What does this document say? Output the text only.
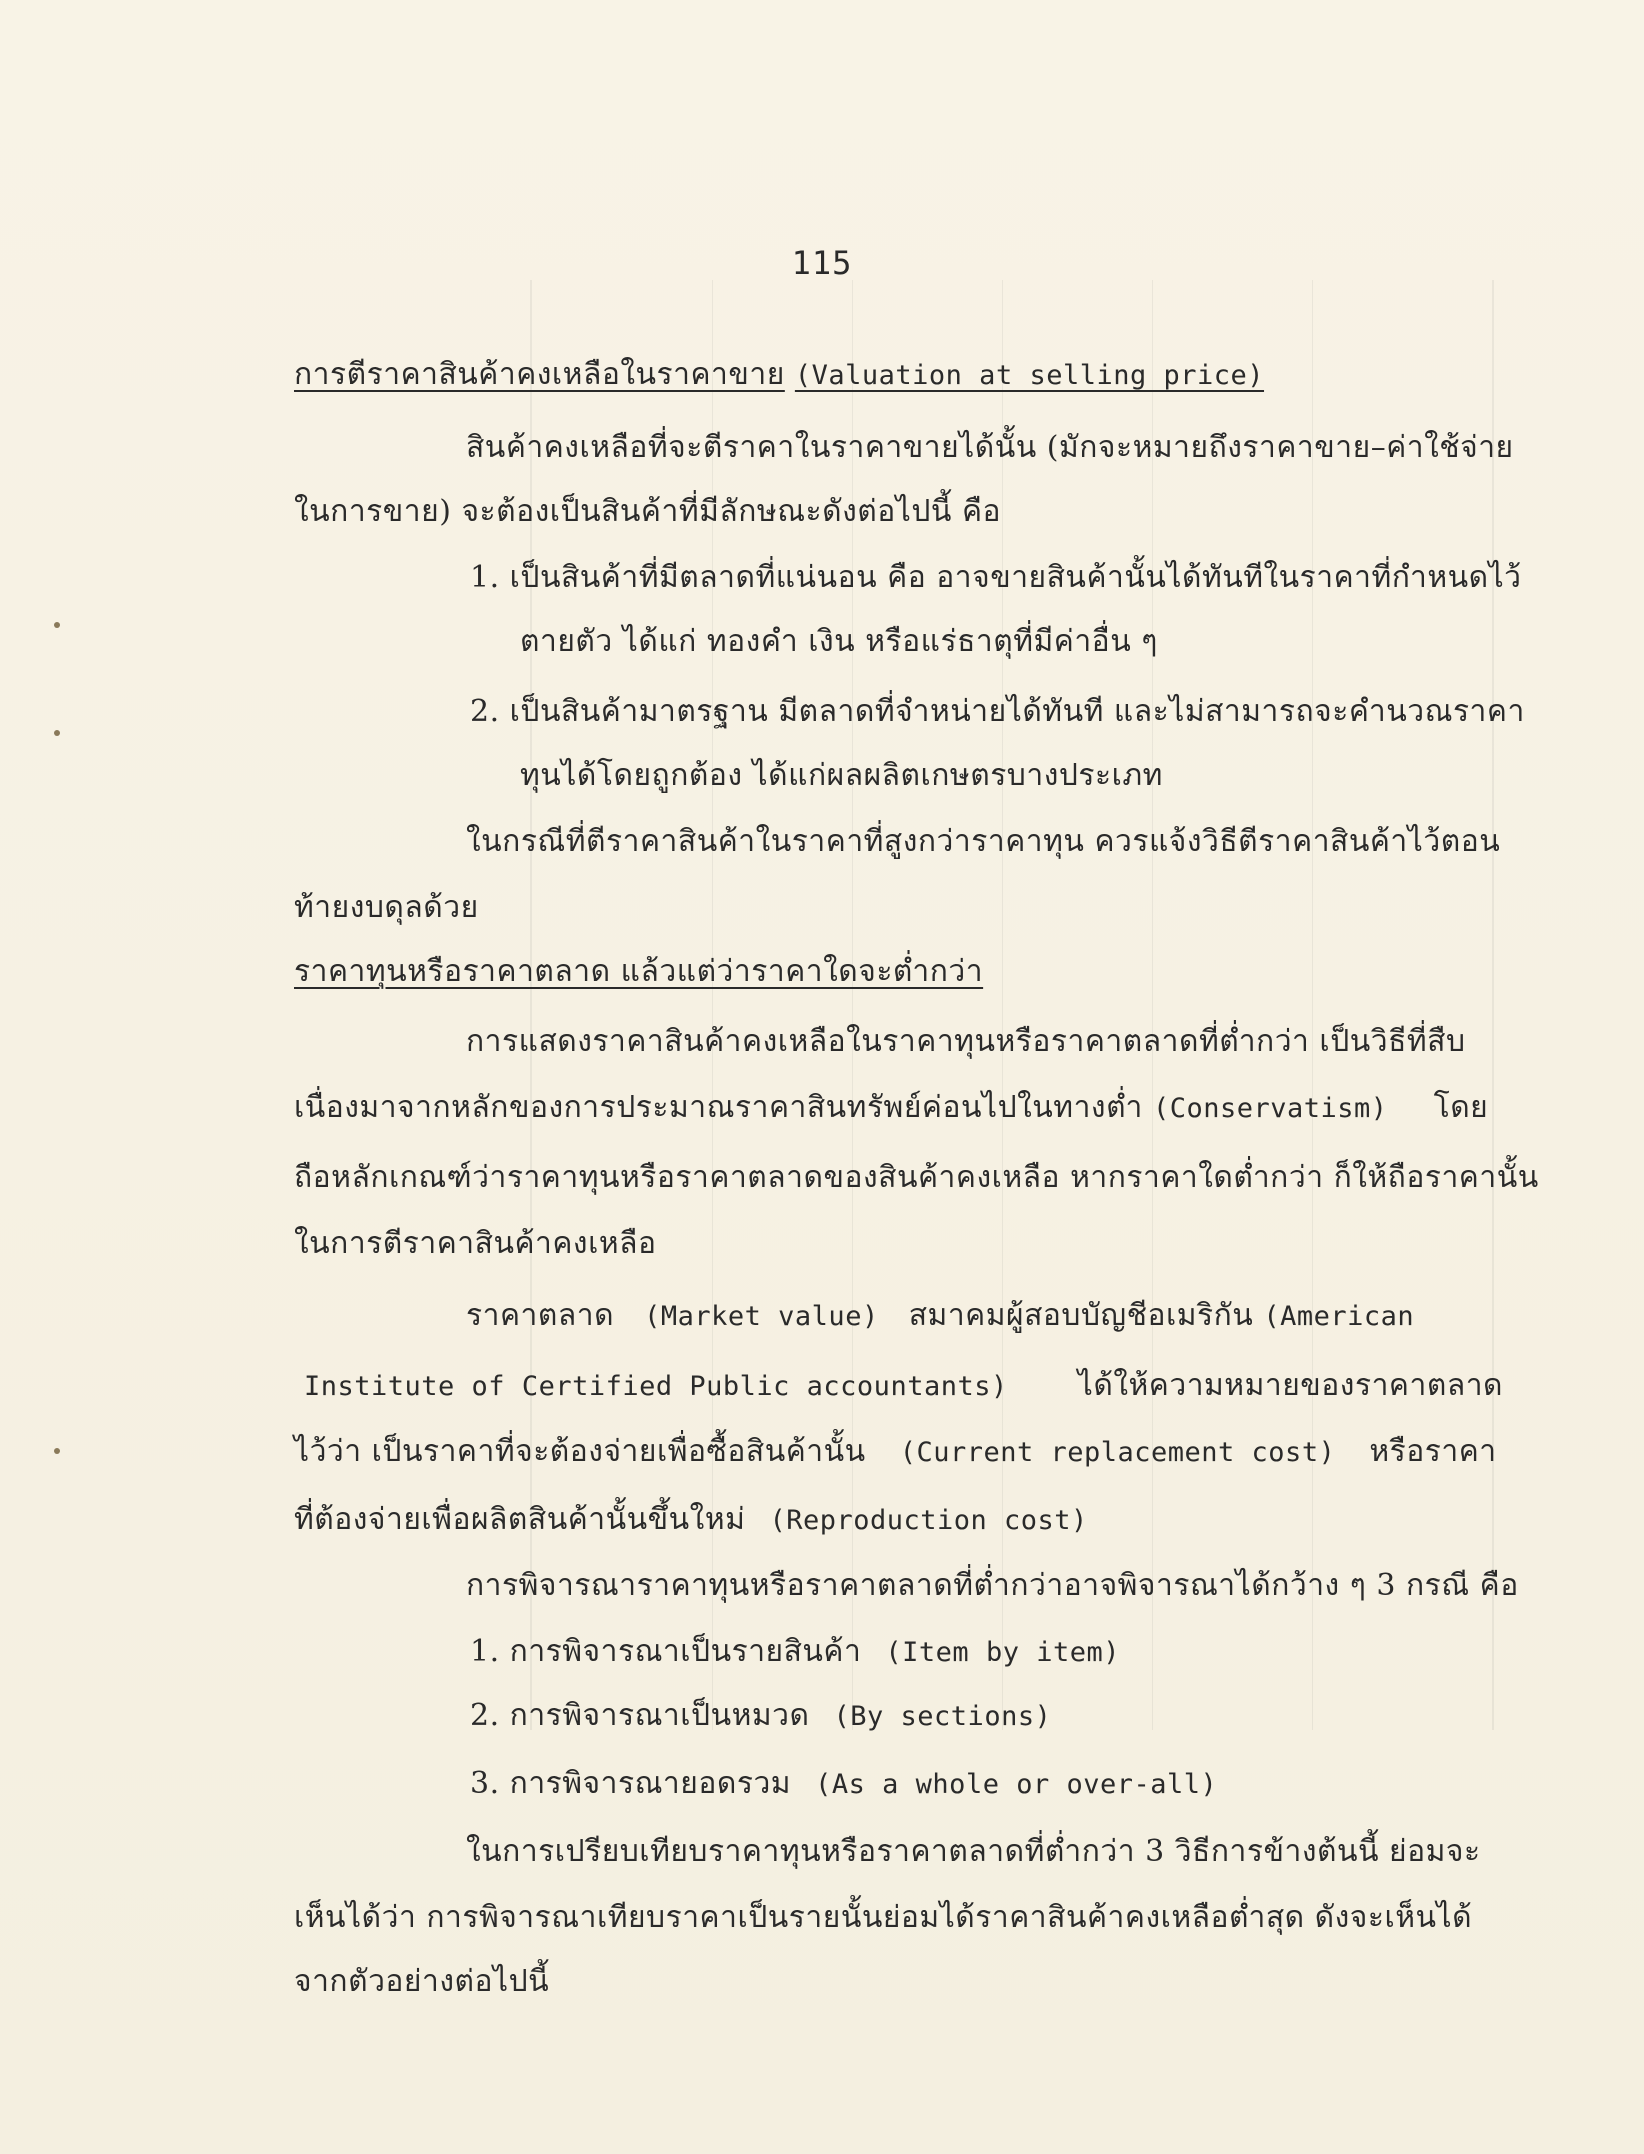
115
การตีราคาสินค้าคงเหลือในราคาขาย (Valuation at selling price)
สินค้าคงเหลือที่จะตีราคาในราคาขายได้นั้น (มักจะหมายถึงราคาขาย–ค่าใช้จ่าย
ในการขาย) จะต้องเป็นสินค้าที่มีลักษณะดังต่อไปนี้ คือ
1. เป็นสินค้าที่มีตลาดที่แน่นอน คือ อาจขายสินค้านั้นได้ทันทีในราคาที่กำหนดไว้
ตายตัว ได้แก่ ทองคำ เงิน หรือแร่ธาตุที่มีค่าอื่น ๆ
2. เป็นสินค้ามาตรฐาน มีตลาดที่จำหน่ายได้ทันที และไม่สามารถจะคำนวณราคา
ทุนได้โดยถูกต้อง ได้แก่ผลผลิตเกษตรบางประเภท
ในกรณีที่ตีราคาสินค้าในราคาที่สูงกว่าราคาทุน ควรแจ้งวิธีตีราคาสินค้าไว้ตอน
ท้ายงบดุลด้วย
ราคาทุนหรือราคาตลาด แล้วแต่ว่าราคาใดจะต่ำกว่า
การแสดงราคาสินค้าคงเหลือในราคาทุนหรือราคาตลาดที่ต่ำกว่า เป็นวิธีที่สืบ
เนื่องมาจากหลักของการประมาณราคาสินทรัพย์ค่อนไปในทางต่ำ (Conservatism) โดย
ถือหลักเกณฑ์ว่าราคาทุนหรือราคาตลาดของสินค้าคงเหลือ หากราคาใดต่ำกว่า ก็ให้ถือราคานั้น
ในการตีราคาสินค้าคงเหลือ
ราคาตลาด (Market value) สมาคมผู้สอบบัญชีอเมริกัน (American
Institute of Certified Public accountants) ได้ให้ความหมายของราคาตลาด
ไว้ว่า เป็นราคาที่จะต้องจ่ายเพื่อซื้อสินค้านั้น (Current replacement cost) หรือราคา
ที่ต้องจ่ายเพื่อผลิตสินค้านั้นขึ้นใหม่ (Reproduction cost)
การพิจารณาราคาทุนหรือราคาตลาดที่ต่ำกว่าอาจพิจารณาได้กว้าง ๆ 3 กรณี คือ
1. การพิจารณาเป็นรายสินค้า (Item by item)
2. การพิจารณาเป็นหมวด (By sections)
3. การพิจารณายอดรวม (As a whole or over-all)
ในการเปรียบเทียบราคาทุนหรือราคาตลาดที่ต่ำกว่า 3 วิธีการข้างต้นนี้ ย่อมจะ
เห็นได้ว่า การพิจารณาเทียบราคาเป็นรายนั้นย่อมได้ราคาสินค้าคงเหลือต่ำสุด ดังจะเห็นได้
จากตัวอย่างต่อไปนี้
